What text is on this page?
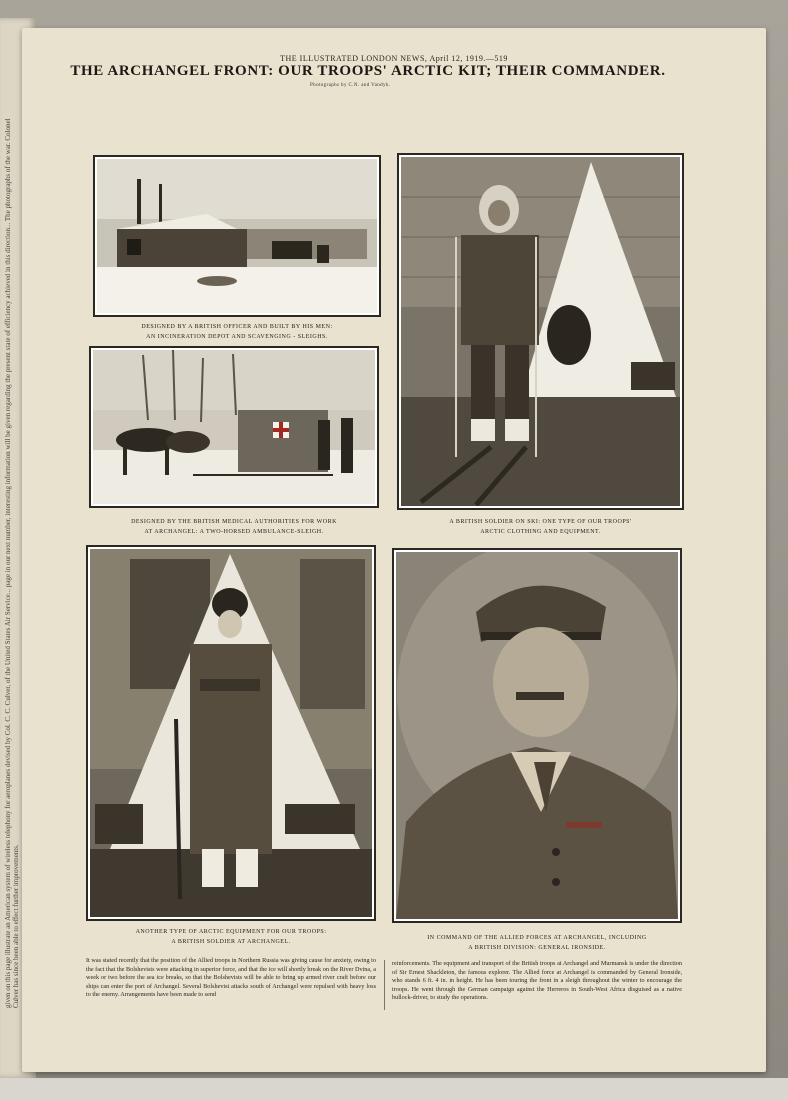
given on this page illustrate an American system of wireless telephony for aeroplanes devised by Col. C. C. Culver, of the United States Air Service... page in our next number, interesting information will be given regarding the present state of efficiency achieved in this direction... The photographs of the war. Colonel Culver has since been able to effect further improvements.
THE ILLUSTRATED LONDON NEWS, April 12, 1919.—519
THE ARCHANGEL FRONT: OUR TROOPS' ARCTIC KIT; THEIR COMMANDER.
Photographs by C.N. and Vandyk.
DESIGNED BY A BRITISH OFFICER AND BUILT BY HIS MEN:
AN INCINERATION DEPOT AND SCAVENGING - SLEIGHS.
DESIGNED BY THE BRITISH MEDICAL AUTHORITIES FOR WORK
AT ARCHANGEL: A TWO-HORSED AMBULANCE-SLEIGH.
A BRITISH SOLDIER ON SKI: ONE TYPE OF OUR TROOPS'
ARCTIC CLOTHING AND EQUIPMENT.
ANOTHER TYPE OF ARCTIC EQUIPMENT FOR OUR TROOPS:
A BRITISH SOLDIER AT ARCHANGEL.
IN COMMAND OF THE ALLIED FORCES AT ARCHANGEL, INCLUDING
A BRITISH DIVISION: GENERAL IRONSIDE.
It was stated recently that the position of the Allied troops in Northern Russia was giving cause for anxiety, owing to the fact that the Bolshevists were attacking in superior force, and that the ice will shortly break on the River Dvina, a week or two before the sea ice breaks, so that the Bolshevists will be able to bring up armed river craft before our ships can enter the port of Archangel. Several Bolshevist attacks south of Archangel were repulsed with heavy loss to the enemy. Arrangements have been made to send
reinforcements. The equipment and transport of the British troops at Archangel and Murmansk is under the direction of Sir Ernest Shackleton, the famous explorer. The Allied force at Archangel is commanded by General Ironside, who stands 6 ft. 4 in. in height. He has been touring the front in a sleigh throughout the winter to encourage the troops. He went through the German campaign against the Herreros in South-West Africa disguised as a native bullock-driver, to study the operations.
